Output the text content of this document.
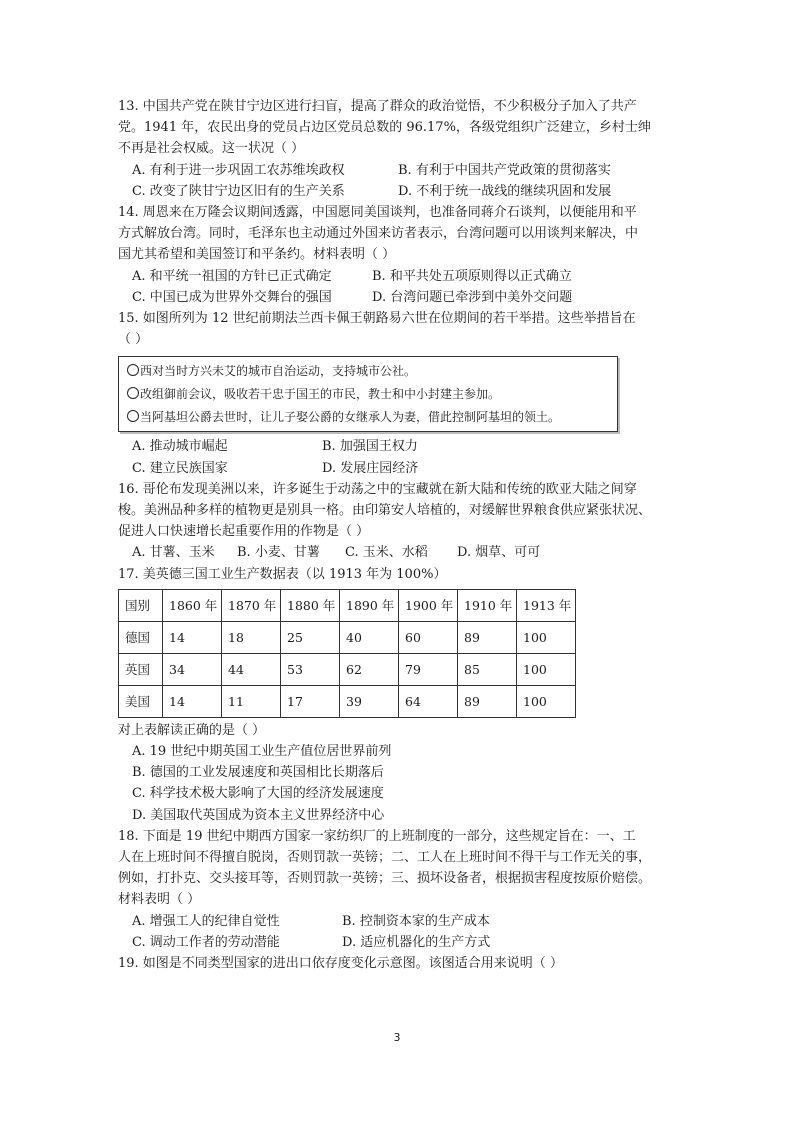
13. 中国共产党在陕甘宁边区进行扫盲，提高了群众的政治觉悟，不少积极分子加入了共产
党。1941 年，农民出身的党员占边区党员总数的 96.17%，各级党组织广泛建立，乡村士绅
不再是社会权威。这一状况（ ）
A. 有利于进一步巩固工农苏维埃政权	B. 有利于中国共产党政策的贯彻落实
C. 改变了陕甘宁边区旧有的生产关系	D. 不利于统一战线的继续巩固和发展
14. 周恩来在万隆会议期间透露，中国愿同美国谈判，也准备同蒋介石谈判，以便能用和平
方式解放台湾。同时，毛泽东也主动通过外国来访者表示，台湾问题可以用谈判来解决，中
国尤其希望和美国签订和平条约。材料表明（ ）
A. 和平统一祖国的方针已正式确定	B. 和平共处五项原则得以正式确立
C. 中国已成为世界外交舞台的强国	D. 台湾问题已牵涉到中美外交问题
15. 如图所列为 12 世纪前期法兰西卡佩王朝路易六世在位期间的若干举措。这些举措旨在
（ ）
西对当时方兴未艾的城市自治运动，支持城市公社。
改组御前会议，吸收若干忠于国王的市民，教士和中小封建主参加。
当阿基坦公爵去世时，让儿子娶公爵的女继承人为妻，借此控制阿基坦的领土。
A. 推动城市崛起	B. 加强国王权力
C. 建立民族国家	D. 发展庄园经济
16. 哥伦布发现美洲以来，许多诞生于动荡之中的宝藏就在新大陆和传统的欧亚大陆之间穿
梭。美洲品种多样的植物更是别具一格。由印第安人培植的，对缓解世界粮食供应紧张状况、
促进人口快速增长起重要作用的作物是（ ）
A. 甘薯、玉米 B. 小麦、甘薯 C. 玉米、水稻 D. 烟草、可可
17. 美英德三国工业生产数据表（以 1913 年为 100%）
国别	1860 年	1870 年	1880 年	1890 年	1900 年	1910 年	1913 年
德国	14	18	25	40	60	89	100
英国	34	44	53	62	79	85	100
美国	14	11	17	39	64	89	100
对上表解读正确的是（ ）
A. 19 世纪中期英国工业生产值位居世界前列
B. 德国的工业发展速度和英国相比长期落后
C. 科学技术极大影响了大国的经济发展速度
D. 美国取代英国成为资本主义世界经济中心
18. 下面是 19 世纪中期西方国家一家纺织厂的上班制度的一部分，这些规定旨在：一、工
人在上班时间不得擅自脱岗，否则罚款一英镑；二、工人在上班时间不得干与工作无关的事，
例如，打扑克、交头接耳等，否则罚款一英镑；三、损坏设备者，根据损害程度按原价赔偿。
材料表明（ ）
A. 增强工人的纪律自觉性	B. 控制资本家的生产成本
C. 调动工作者的劳动潜能	D. 适应机器化的生产方式
19. 如图是不同类型国家的进出口依存度变化示意图。该图适合用来说明（ ）
3
